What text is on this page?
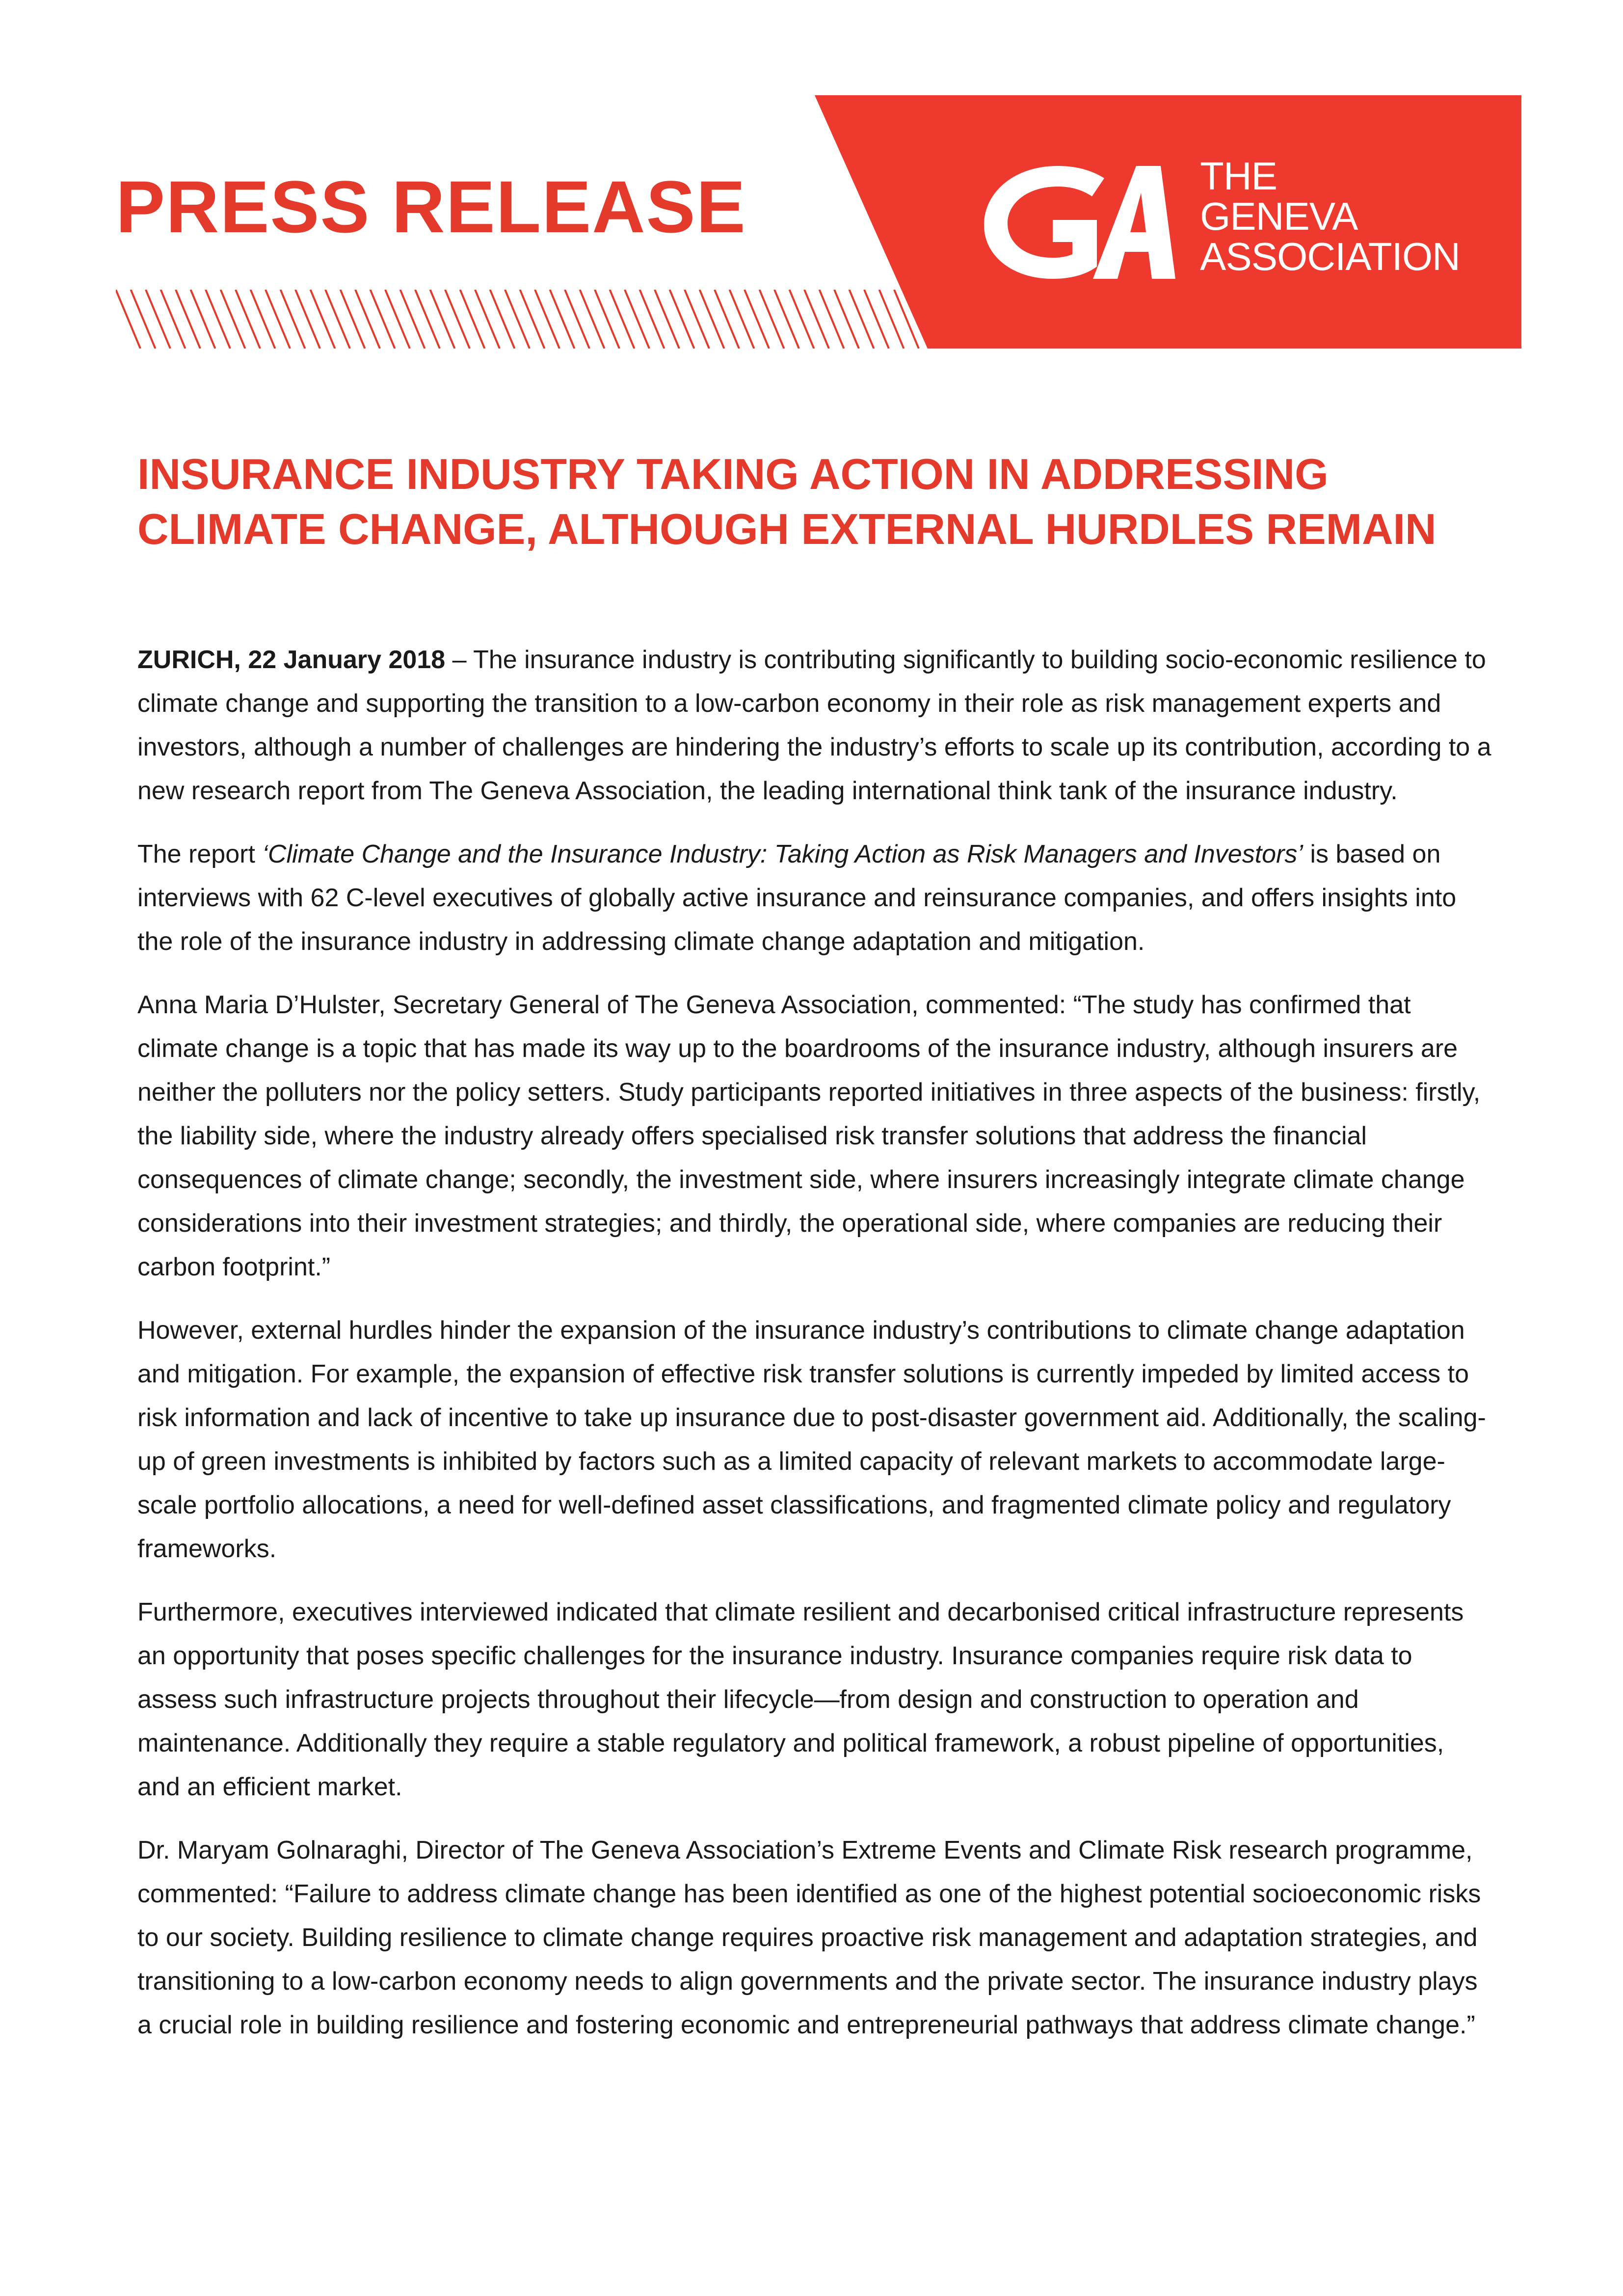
PRESS RELEASE	THE
GENEVA
ASSOCIATION
INSURANCE INDUSTRY TAKING ACTION IN ADDRESSING
CLIMATE CHANGE, ALTHOUGH EXTERNAL HURDLES REMAIN

ZURICH, 22 January 2018 – The insurance industry is contributing significantly to building socio-economic resilience to climate change and supporting the transition to a low-carbon economy in their role as risk management experts and investors, although a number of challenges are hindering the industry’s efforts to scale up its contribution, according to a new research report from The Geneva Association, the leading international think tank of the insurance industry.

The report ‘Climate Change and the Insurance Industry: Taking Action as Risk Managers and Investors’ is based on interviews with 62 C-level executives of globally active insurance and reinsurance companies, and offers insights into the role of the insurance industry in addressing climate change adaptation and mitigation.

Anna Maria D’Hulster, Secretary General of The Geneva Association, commented: “The study has confirmed that climate change is a topic that has made its way up to the boardrooms of the insurance industry, although insurers are neither the polluters nor the policy setters. Study participants reported initiatives in three aspects of the business: firstly, the liability side, where the industry already offers specialised risk transfer solutions that address the financial consequences of climate change; secondly, the investment side, where insurers increasingly integrate climate change considerations into their investment strategies; and thirdly, the operational side, where companies are reducing their carbon footprint.”

However, external hurdles hinder the expansion of the insurance industry’s contributions to climate change adaptation and mitigation. For example, the expansion of effective risk transfer solutions is currently impeded by limited access to risk information and lack of incentive to take up insurance due to post-disaster government aid. Additionally, the scaling-up of green investments is inhibited by factors such as a limited capacity of relevant markets to accommodate large-scale portfolio allocations, a need for well-defined asset classifications, and fragmented climate policy and regulatory frameworks.

Furthermore, executives interviewed indicated that climate resilient and decarbonised critical infrastructure represents an opportunity that poses specific challenges for the insurance industry. Insurance companies require risk data to assess such infrastructure projects throughout their lifecycle—from design and construction to operation and maintenance. Additionally they require a stable regulatory and political framework, a robust pipeline of opportunities, and an efficient market.

Dr. Maryam Golnaraghi, Director of The Geneva Association’s Extreme Events and Climate Risk research programme, commented: “Failure to address climate change has been identified as one of the highest potential socioeconomic risks to our society. Building resilience to climate change requires proactive risk management and adaptation strategies, and transitioning to a low-carbon economy needs to align governments and the private sector. The insurance industry plays a crucial role in building resilience and fostering economic and entrepreneurial pathways that address climate change.”
